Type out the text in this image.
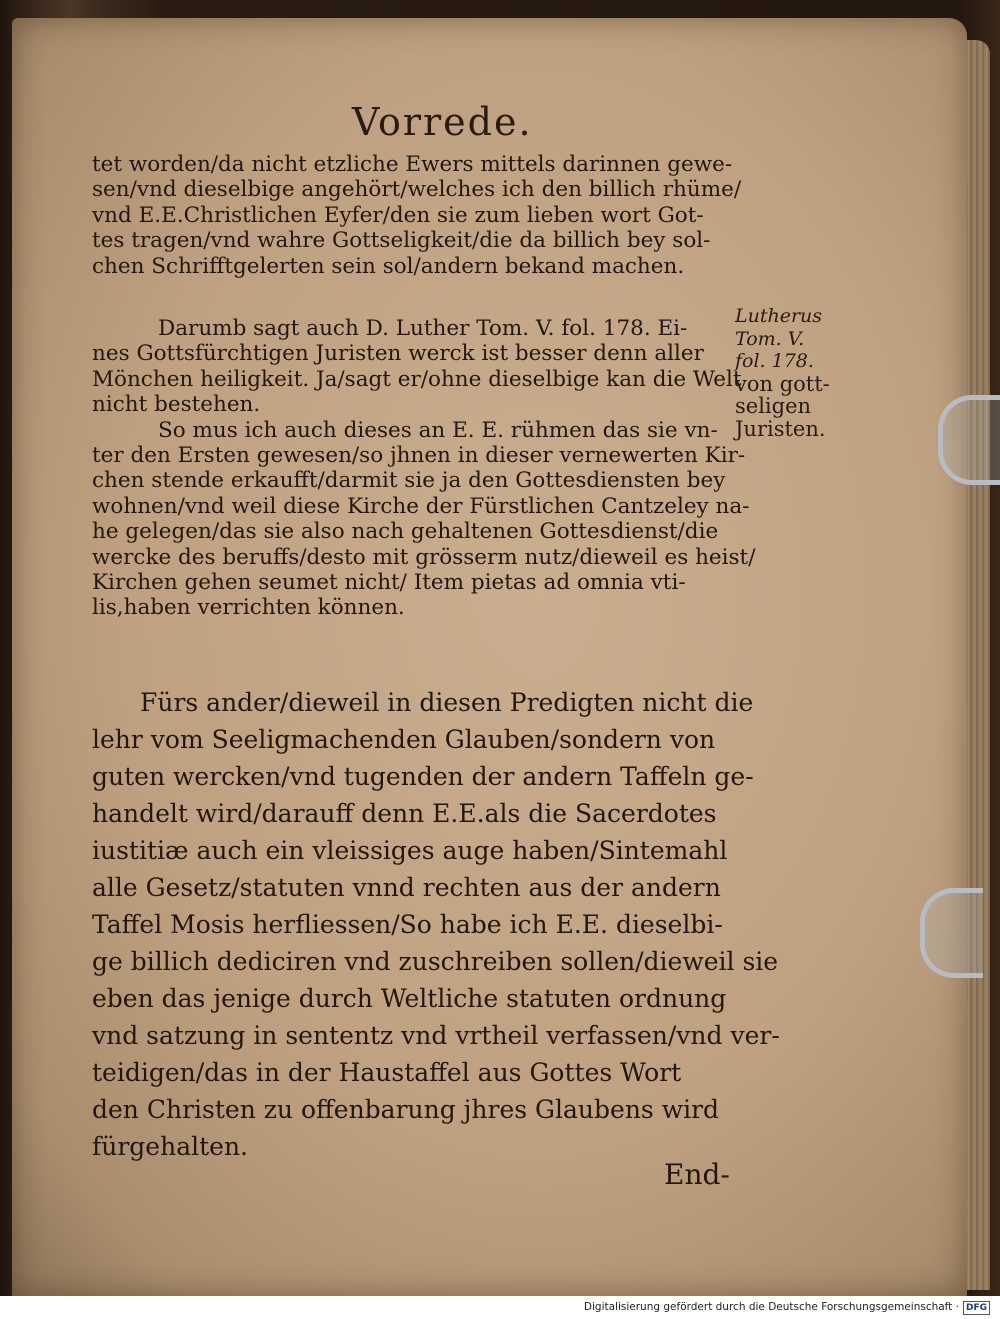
Vorrede.
tet worden/da nicht etzliche Ewers mittels darinnen gewe-
sen/vnd dieselbige angehört/welches ich den billich rhüme/
vnd E.E.Christlichen Eyfer/den sie zum lieben wort Got-
tes tragen/vnd wahre Gottseligkeit/die da billich bey sol-
chen Schrifftgelerten sein sol/andern bekand machen.
Darumb sagt auch D. Luther Tom. V. fol. 178. Ei-
nes Gottsfürchtigen Juristen werck ist besser denn aller
Mönchen heiligkeit. Ja/sagt er/ohne dieselbige kan die Welt
nicht bestehen.
So mus ich auch dieses an E. E. rühmen das sie vn-
ter den Ersten gewesen/so jhnen in dieser vernewerten Kir-
chen stende erkaufft/darmit sie ja den Gottesdiensten bey
wohnen/vnd weil diese Kirche der Fürstlichen Cantzeley na-
he gelegen/das sie also nach gehaltenen Gottesdienst/die
wercke des beruffs/desto mit grösserm nutz/dieweil es heist/
Kirchen gehen seumet nicht/ Item pietas ad omnia vti-
lis,haben verrichten können.
Fürs ander/dieweil in diesen Predigten nicht die
lehr vom Seeligmachenden Glauben/sondern von
guten wercken/vnd tugenden der andern Taffeln ge-
handelt wird/darauff denn E.E.als die Sacerdotes
iustitiæ auch ein vleissiges auge haben/Sintemahl
alle Gesetz/statuten vnnd rechten aus der andern
Taffel Mosis herfliessen/So habe ich E.E. dieselbi-
ge billich dediciren vnd zuschreiben sollen/dieweil sie
eben das jenige durch Weltliche statuten ordnung
vnd satzung in sententz vnd vrtheil verfassen/vnd ver-
teidigen/das in der Haustaffel aus Gottes Wort
den Christen zu offenbarung jhres Glaubens wird
fürgehalten.
Lutherus
Tom. V.
fol. 178.
von gott-
seligen
Juristen.
End-
Digitalisierung gefördert durch die Deutsche Forschungsgemeinschaft · DFG
